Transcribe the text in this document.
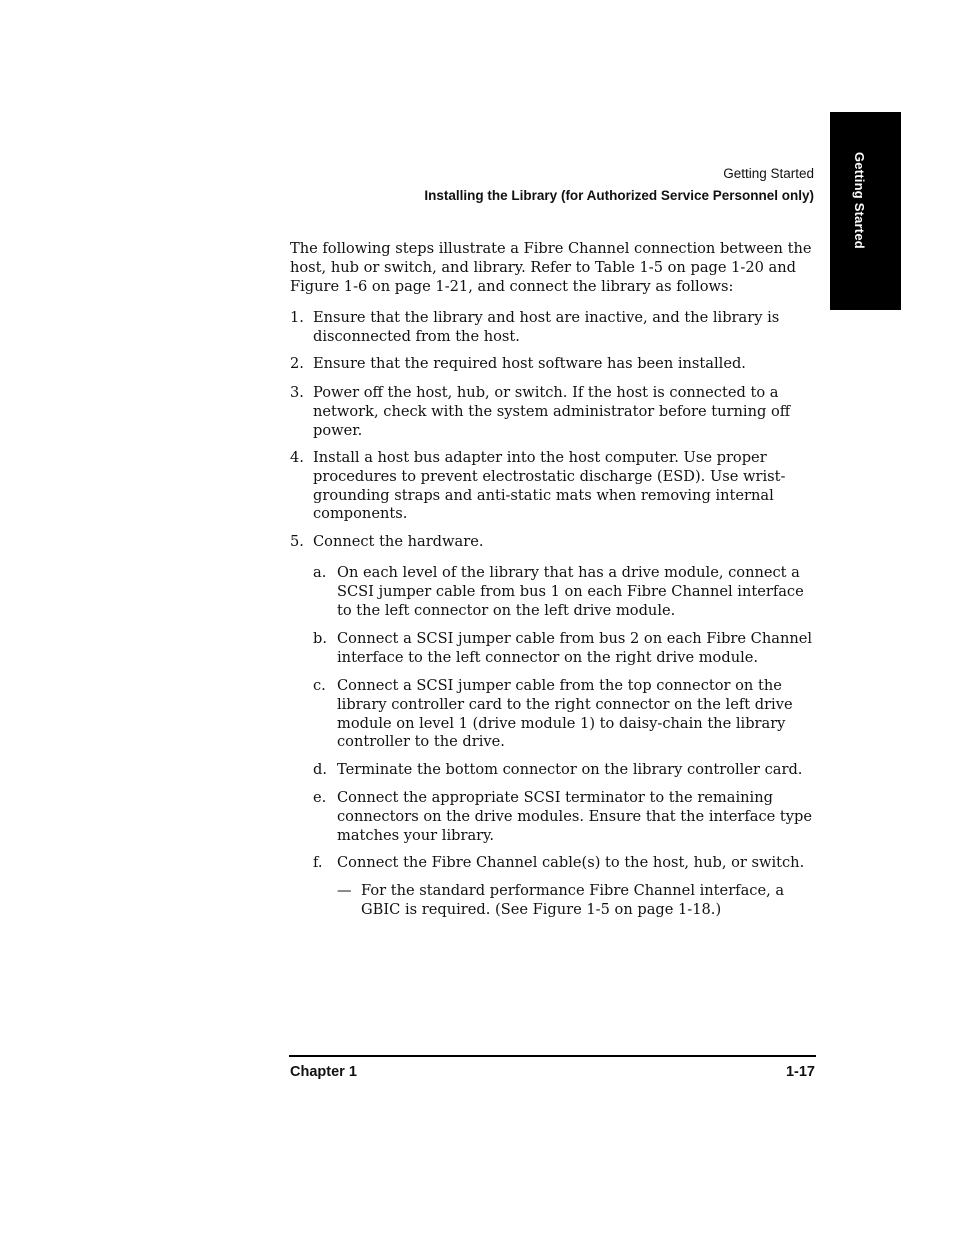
Getting Started
Getting Started
Installing the Library (for Authorized Service Personnel only)

The following steps illustrate a Fibre Channel connection between the host, hub or switch, and library. Refer to Table 1-5 on page 1-20 and Figure 1-6 on page 1-21, and connect the library as follows:

1. Ensure that the library and host are inactive, and the library is disconnected from the host.
2. Ensure that the required host software has been installed.
3. Power off the host, hub, or switch. If the host is connected to a network, check with the system administrator before turning off power.
4. Install a host bus adapter into the host computer. Use proper procedures to prevent electrostatic discharge (ESD). Use wrist-grounding straps and anti-static mats when removing internal components.
5. Connect the hardware.
a. On each level of the library that has a drive module, connect a SCSI jumper cable from bus 1 on each Fibre Channel interface to the left connector on the left drive module.
b. Connect a SCSI jumper cable from bus 2 on each Fibre Channel interface to the left connector on the right drive module.
c. Connect a SCSI jumper cable from the top connector on the library controller card to the right connector on the left drive module on level 1 (drive module 1) to daisy-chain the library controller to the drive.
d. Terminate the bottom connector on the library controller card.
e. Connect the appropriate SCSI terminator to the remaining connectors on the drive modules. Ensure that the interface type matches your library.
f. Connect the Fibre Channel cable(s) to the host, hub, or switch.
— For the standard performance Fibre Channel interface, a GBIC is required. (See Figure 1-5 on page 1-18.)
Chapter 1	1-17
